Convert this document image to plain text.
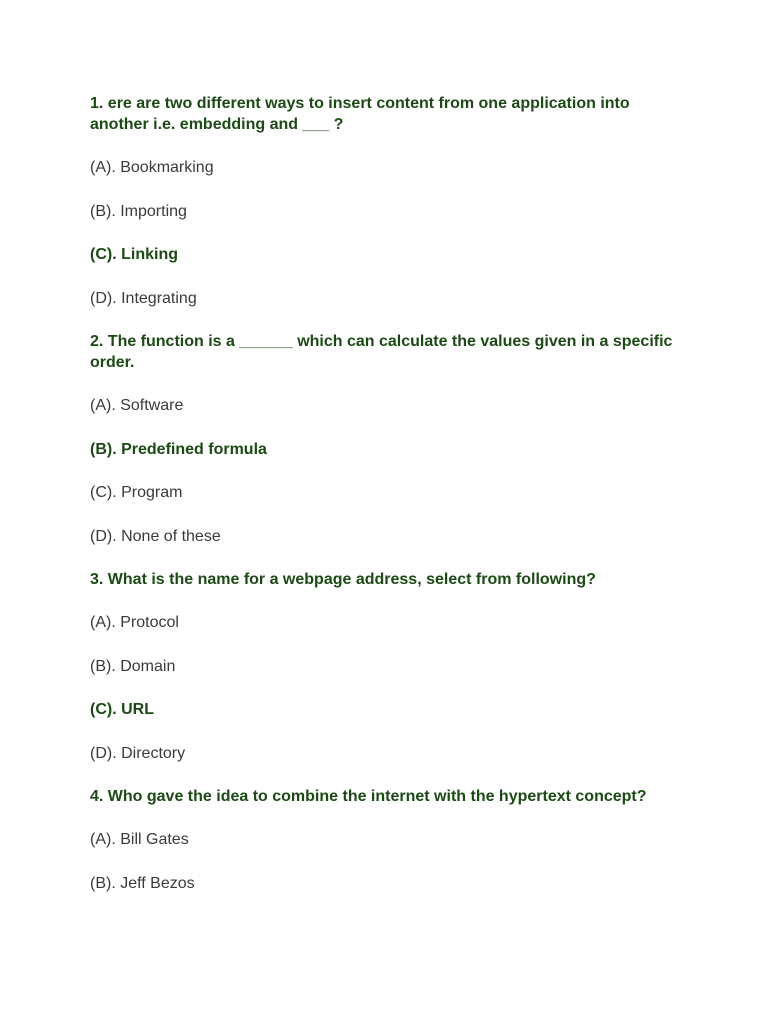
1. ere are two different ways to insert content from one application into another i.e. embedding and ___ ?
(A). Bookmarking
(B). Importing
(C). Linking
(D). Integrating
2. The function is a ______ which can calculate the values given in a specific order.
(A). Software
(B). Predefined formula
(C). Program
(D). None of these
3. What is the name for a webpage address, select from following?
(A). Protocol
(B). Domain
(C). URL
(D). Directory
4. Who gave the idea to combine the internet with the hypertext concept?
(A). Bill Gates
(B). Jeff Bezos
